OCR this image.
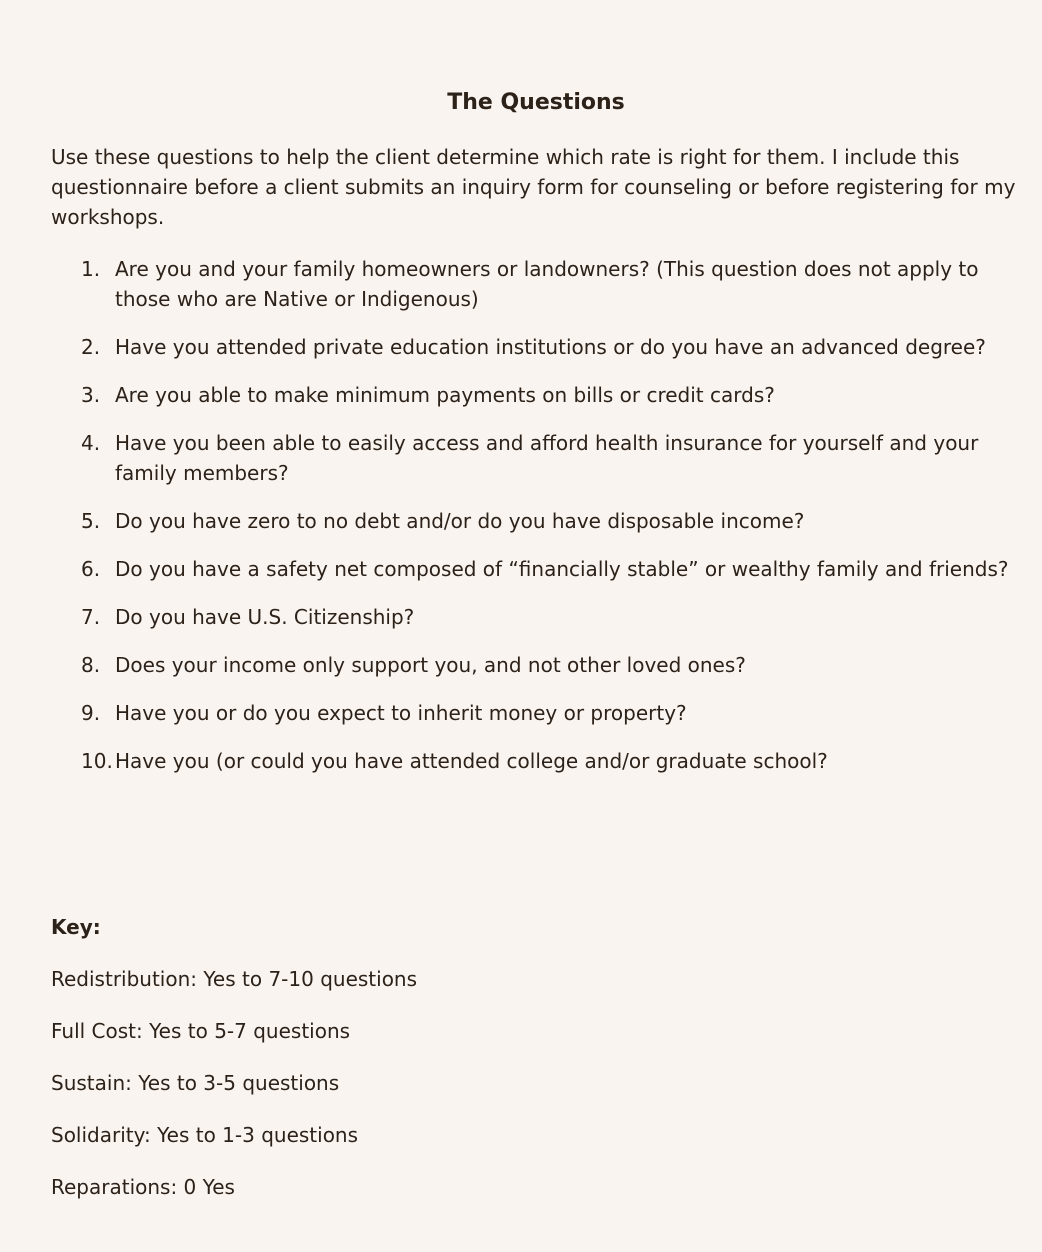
The Questions

Use these questions to help the client determine which rate is right for them. I include this questionnaire before a client submits an inquiry form for counseling or before registering for my workshops.

1. Are you and your family homeowners or landowners? (This question does not apply to those who are Native or Indigenous)
2. Have you attended private education institutions or do you have an advanced degree?
3. Are you able to make minimum payments on bills or credit cards?
4. Have you been able to easily access and afford health insurance for yourself and your family members?
5. Do you have zero to no debt and/or do you have disposable income?
6. Do you have a safety net composed of “financially stable” or wealthy family and friends?
7. Do you have U.S. Citizenship?
8. Does your income only support you, and not other loved ones?
9. Have you or do you expect to inherit money or property?
10. Have you (or could you have attended college and/or graduate school?

Key:

Redistribution: Yes to 7-10 questions

Full Cost: Yes to 5-7 questions

Sustain: Yes to 3-5 questions

Solidarity: Yes to 1-3 questions

Reparations: 0 Yes
